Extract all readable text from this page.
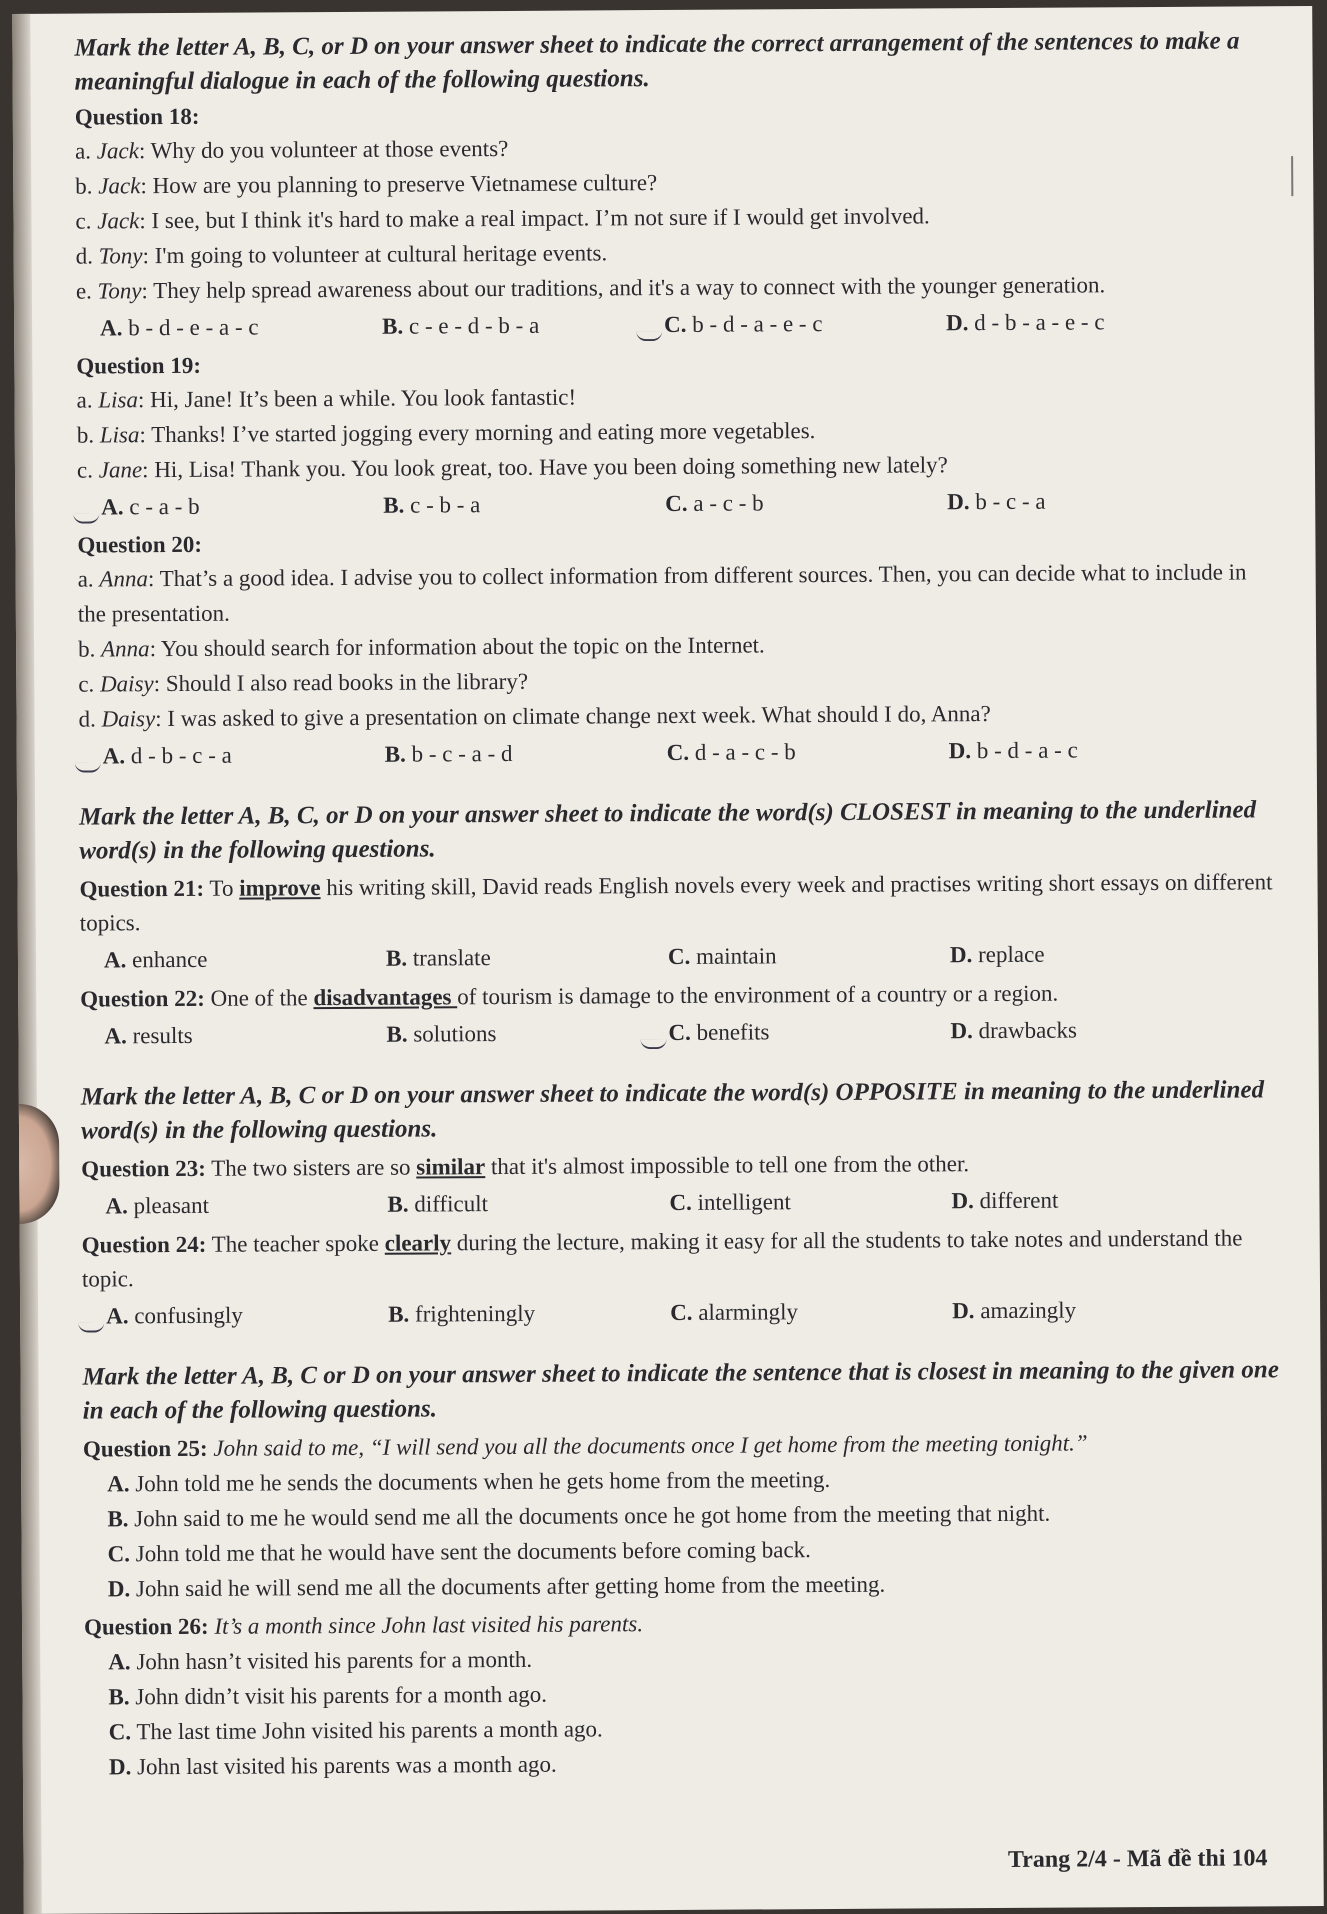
Mark the letter A, B, C, or D on your answer sheet to indicate the correct arrangement of the sentences to make a meaningful dialogue in each of the following questions.

Question 18:

a. Jack: Why do you volunteer at those events?

b. Jack: How are you planning to preserve Vietnamese culture?

c. Jack: I see, but I think it's hard to make a real impact. I’m not sure if I would get involved.

d. Tony: I'm going to volunteer at cultural heritage events.

e. Tony: They help spread awareness about our traditions, and it's a way to connect with the younger generation.

A. b - d - e - a - c	B. c - e - d - b - a	C. b - d - a - e - c	D. d - b - a - e - c

Question 19:

a. Lisa: Hi, Jane! It’s been a while. You look fantastic!

b. Lisa: Thanks! I’ve started jogging every morning and eating more vegetables.

c. Jane: Hi, Lisa! Thank you. You look great, too. Have you been doing something new lately?

A. c - a - b	B. c - b - a	C. a - c - b	D. b - c - a

Question 20:

a. Anna: That’s a good idea. I advise you to collect information from different sources. Then, you can decide what to include in the presentation.

b. Anna: You should search for information about the topic on the Internet.

c. Daisy: Should I also read books in the library?

d. Daisy: I was asked to give a presentation on climate change next week. What should I do, Anna?

A. d - b - c - a	B. b - c - a - d	C. d - a - c - b	D. b - d - a - c

Mark the letter A, B, C, or D on your answer sheet to indicate the word(s) CLOSEST in meaning to the underlined word(s) in the following questions.

Question 21: To improve his writing skill, David reads English novels every week and practises writing short essays on different topics.

A. enhance	B. translate	C. maintain	D. replace

Question 22: One of the disadvantages of tourism is damage to the environment of a country or a region.

A. results	B. solutions	C. benefits	D. drawbacks

Mark the letter A, B, C or D on your answer sheet to indicate the word(s) OPPOSITE in meaning to the underlined word(s) in the following questions.

Question 23: The two sisters are so similar that it's almost impossible to tell one from the other.

A. pleasant	B. difficult	C. intelligent	D. different

Question 24: The teacher spoke clearly during the lecture, making it easy for all the students to take notes and understand the topic.

A. confusingly	B. frighteningly	C. alarmingly	D. amazingly

Mark the letter A, B, C or D on your answer sheet to indicate the sentence that is closest in meaning to the given one in each of the following questions.

Question 25: John said to me, “I will send you all the documents once I get home from the meeting tonight.”

A. John told me he sends the documents when he gets home from the meeting.
B. John said to me he would send me all the documents once he got home from the meeting that night.
C. John told me that he would have sent the documents before coming back.
D. John said he will send me all the documents after getting home from the meeting.

Question 26: It’s a month since John last visited his parents.

A. John hasn’t visited his parents for a month.
B. John didn’t visit his parents for a month ago.
C. The last time John visited his parents a month ago.
D. John last visited his parents was a month ago.
Trang 2/4 - Mã đề thi 104
